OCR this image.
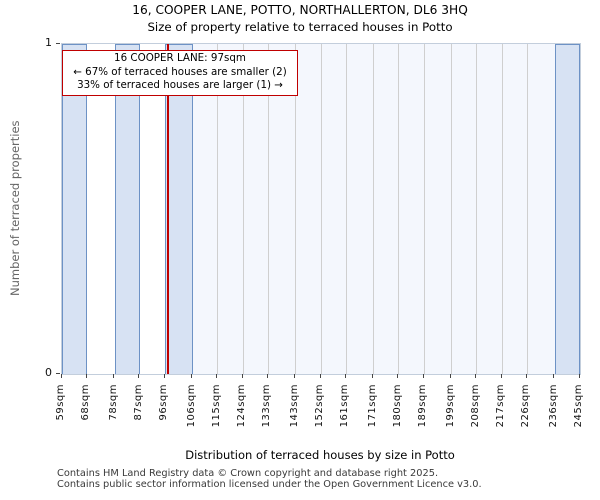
16, COOPER LANE, POTTO, NORTHALLERTON, DL6 3HQ
Size of property relative to terraced houses in Potto
Number of terraced properties
1
0
16 COOPER LANE: 97sqm
← 67% of terraced houses are smaller (2)
33% of terraced houses are larger (1) →
Distribution of terraced houses by size in Potto
Contains HM Land Registry data © Crown copyright and database right 2025.
Contains public sector information licensed under the Open Government Licence v3.0.
59sqm 68sqm 78sqm 87sqm 96sqm 106sqm 115sqm 124sqm 133sqm 143sqm 152sqm 161sqm 171sqm 180sqm 189sqm 199sqm 208sqm 217sqm 226sqm 236sqm 245sqm
